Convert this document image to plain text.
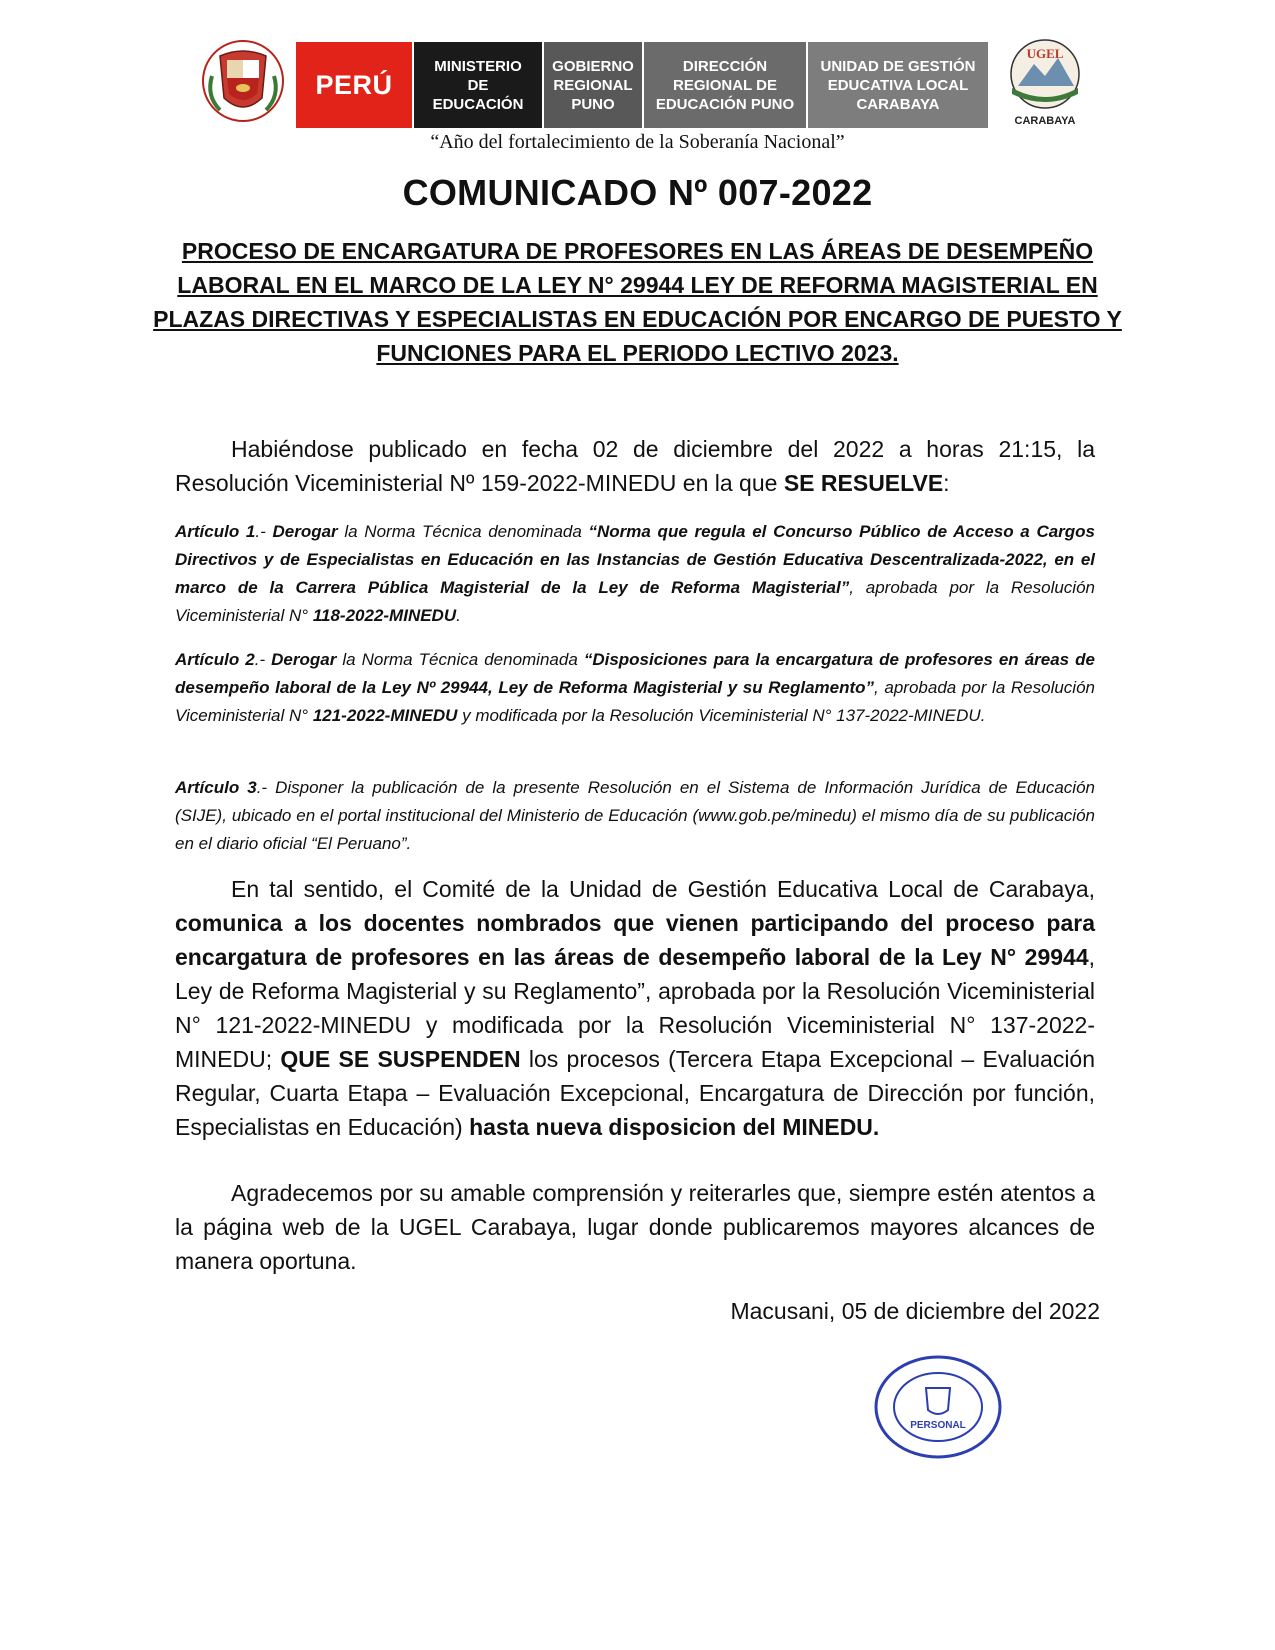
PERÚ
MINISTERIO
DE
EDUCACIÓN
GOBIERNO
REGIONAL
PUNO
DIRECCIÓN
REGIONAL DE
EDUCACIÓN PUNO
UNIDAD DE GESTIÓN
EDUCATIVA LOCAL
CARABAYA
UGEL
CARABAYA
“Año del fortalecimiento de la Soberanía Nacional”
COMUNICADO Nº 007-2022
PROCESO DE ENCARGATURA DE PROFESORES EN LAS ÁREAS DE DESEMPEÑO LABORAL EN EL MARCO DE LA LEY N° 29944 LEY DE REFORMA MAGISTERIAL EN PLAZAS DIRECTIVAS Y ESPECIALISTAS EN EDUCACIÓN POR ENCARGO DE PUESTO Y FUNCIONES PARA EL PERIODO LECTIVO 2023.

Habiéndose publicado en fecha 02 de diciembre del 2022 a horas 21:15, la Resolución Viceministerial Nº 159-2022-MINEDU en la que SE RESUELVE:

Artículo 1.- Derogar la Norma Técnica denominada “Norma que regula el Concurso Público de Acceso a Cargos Directivos y de Especialistas en Educación en las Instancias de Gestión Educativa Descentralizada-2022, en el marco de la Carrera Pública Magisterial de la Ley de Reforma Magisterial”, aprobada por la Resolución Viceministerial N° 118-2022-MINEDU.

Artículo 2.- Derogar la Norma Técnica denominada “Disposiciones para la encargatura de profesores en áreas de desempeño laboral de la Ley Nº 29944, Ley de Reforma Magisterial y su Reglamento”, aprobada por la Resolución Viceministerial N° 121-2022-MINEDU y modificada por la Resolución Viceministerial N° 137-2022-MINEDU.

Artículo 3.- Disponer la publicación de la presente Resolución en el Sistema de Información Jurídica de Educación (SIJE), ubicado en el portal institucional del Ministerio de Educación (www.gob.pe/minedu) el mismo día de su publicación en el diario oficial “El Peruano”.

En tal sentido, el Comité de la Unidad de Gestión Educativa Local de Carabaya, comunica a los docentes nombrados que vienen participando del proceso para encargatura de profesores en las áreas de desempeño laboral de la Ley N° 29944, Ley de Reforma Magisterial y su Reglamento”, aprobada por la Resolución Viceministerial N° 121-2022-MINEDU y modificada por la Resolución Viceministerial N° 137-2022- MINEDU; QUE SE SUSPENDEN los procesos (Tercera Etapa Excepcional – Evaluación Regular, Cuarta Etapa – Evaluación Excepcional, Encargatura de Dirección por función, Especialistas en Educación) hasta nueva disposicion del MINEDU.

Agradecemos por su amable comprensión y reiterarles que, siempre estén atentos a la página web de la UGEL Carabaya, lugar donde publicaremos mayores alcances de manera oportuna.

Macusani, 05 de diciembre del 2022
PERSONAL
